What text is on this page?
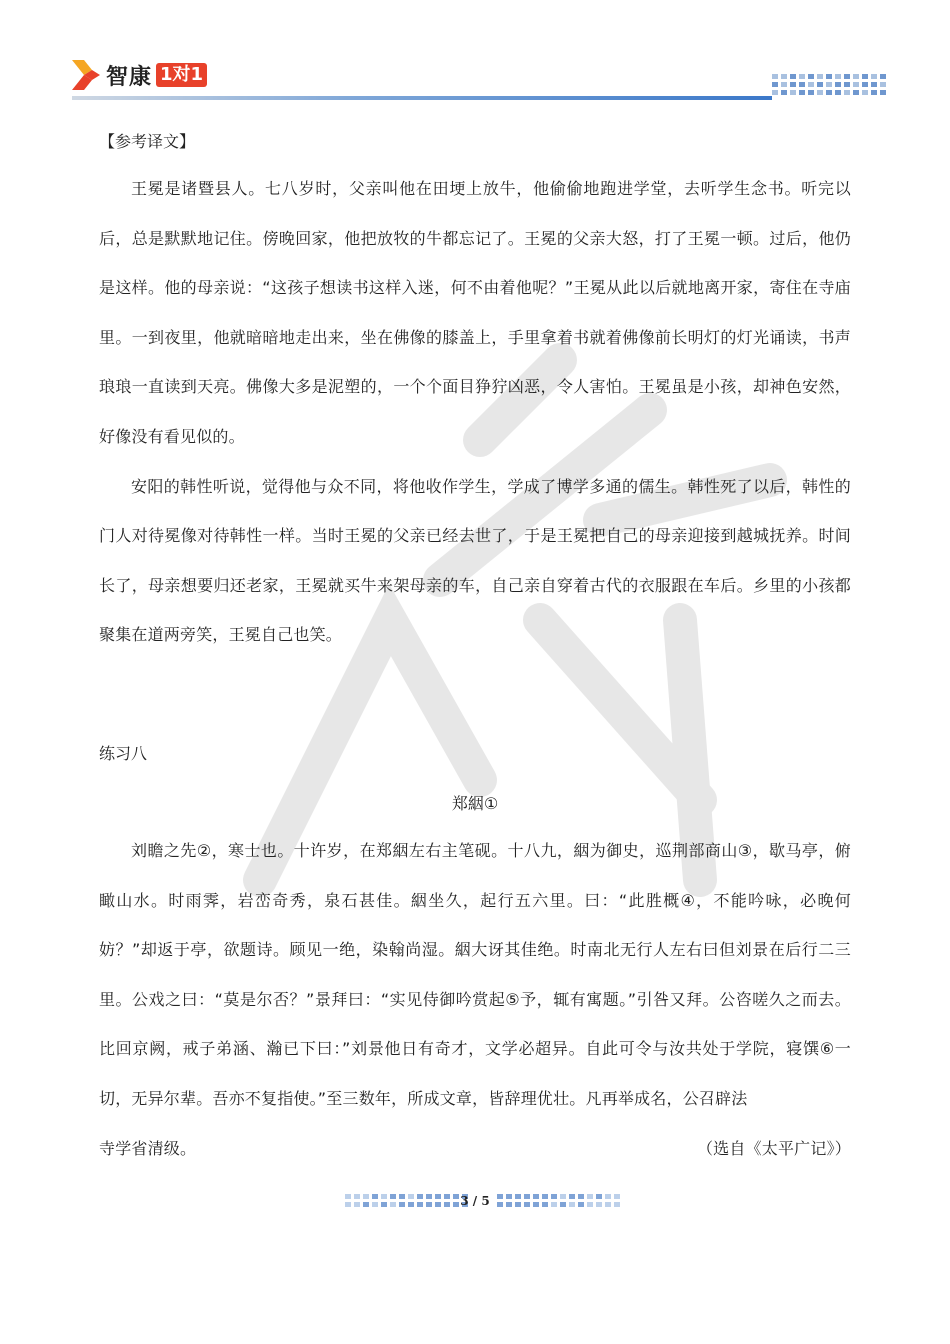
智康 1对1

【参考译文】

王冕是诸暨县人。七八岁时，父亲叫他在田埂上放牛，他偷偷地跑进学堂，去听学生念书。听完以后，总是默默地记住。傍晚回家，他把放牧的牛都忘记了。王冕的父亲大怒，打了王冕一顿。过后，他仍是这样。他的母亲说：“这孩子想读书这样入迷，何不由着他呢？”王冕从此以后就地离开家，寄住在寺庙里。一到夜里，他就暗暗地走出来，坐在佛像的膝盖上，手里拿着书就着佛像前长明灯的灯光诵读，书声琅琅一直读到天亮。佛像大多是泥塑的，一个个面目狰狞凶恶，令人害怕。王冕虽是小孩，却神色安然，好像没有看见似的。

安阳的韩性听说，觉得他与众不同，将他收作学生，学成了博学多通的儒生。韩性死了以后，韩性的门人对待冕像对待韩性一样。当时王冕的父亲已经去世了，于是王冕把自己的母亲迎接到越城抚养。时间长了，母亲想要归还老家，王冕就买牛来架母亲的车，自己亲自穿着古代的衣服跟在车后。乡里的小孩都聚集在道两旁笑，王冕自己也笑。

练习八

郑絪①

刘瞻之先②，寒士也。十许岁，在郑絪左右主笔砚。十八九，絪为御史，巡荆部商山③，歇马亭，俯瞰山水。时雨霁，岩峦奇秀，泉石甚佳。絪坐久，起行五六里。曰：“此胜概④，不能吟咏，必晚何妨？”却返于亭，欲题诗。顾见一绝，染翰尚湿。絪大讶其佳绝。时南北无行人左右曰但刘景在后行二三里。公戏之曰：“莫是尔否？”景拜曰：“实见侍御吟赏起⑤予，辄有寓题。”引咎又拜。公咨嗟久之而去。比回京阙，戒子弟涵、瀚已下曰：”刘景他日有奇才，文学必超异。自此可令与汝共处于学院，寝馔⑥一切，无异尔辈。吾亦不复指使。”至三数年，所成文章，皆辞理优壮。凡再举成名，公召辟法

寺学省清级。	（选自《太平广记》）
3 / 5
